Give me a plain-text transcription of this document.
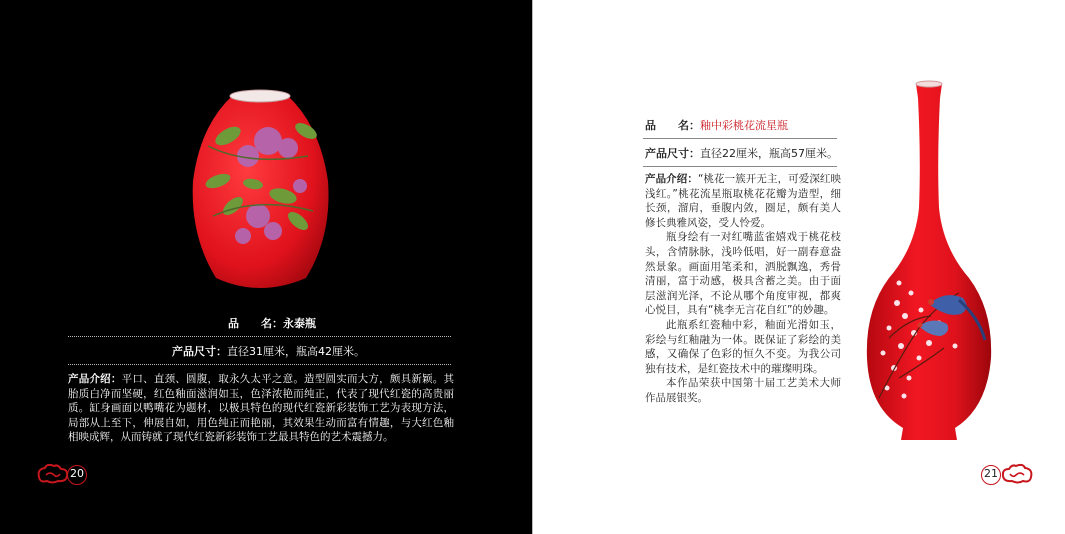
品　　名：永泰瓶
产品尺寸：直径31厘米，瓶高42厘米。
产品介绍：平口、直颈、圆腹，取永久太平之意。造型圆实而大方，颇具新颖。其胎质白净而坚硬，红色釉面滋润如玉，色泽浓艳而纯正，代表了现代红瓷的高贵丽质。缸身画面以鸭嘴花为题材，以极具特色的现代红瓷新彩装饰工艺为表现方法，局部从上至下，伸展自如，用色纯正而艳丽，其效果生动而富有情趣，与大红色釉相映成辉，从而铸就了现代红瓷新彩装饰工艺最具特色的艺术震撼力。
20
品　　名：釉中彩桃花流星瓶
产品尺寸：直径22厘米，瓶高57厘米。
产品介绍：“桃花一簇开无主，可爱深红映浅红。”桃花流星瓶取桃花花瓣为造型，细长颈，溜肩，垂腹内敛，圈足，颇有美人修长典雅风姿，受人怜爱。
瓶身绘有一对红嘴蓝雀嬉戏于桃花枝头，含情脉脉，浅吟低唱，好一副春意盎然景象。画面用笔柔和，洒脱飘逸，秀骨清丽，富于动感，极具含蓄之美。由于面层滋润光泽，不论从哪个角度审视，都爽心悦目，具有“桃李无言花自红”的妙趣。
此瓶系红瓷釉中彩，釉面光滑如玉，彩绘与红釉融为一体。既保证了彩绘的美感，又确保了色彩的恒久不变。为我公司独有技术，是红瓷技术中的璀璨明珠。
本作品荣获中国第十届工艺美术大师作品展银奖。
21
